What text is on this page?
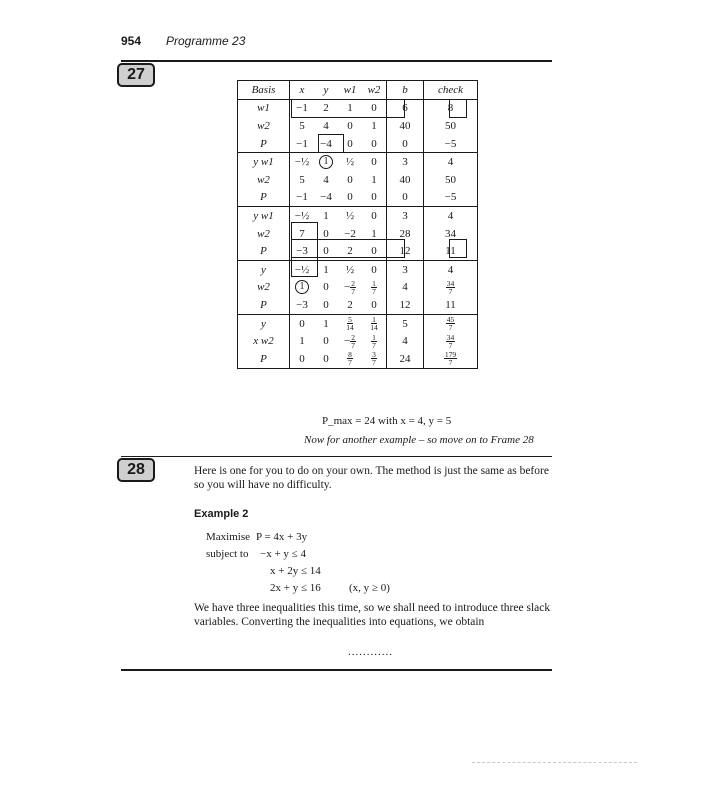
954 Programme 23
27
Basis	x	y	w1	w2	b	check
w1	−1	2	1	0	6	8
w2	5	4	0	1	40	50
P	−1	−4	0	0	0	−5
y w1	−½	1	½	0	3	4
w2	5	4	0	1	40	50
P	−1	−4	0	0	0	−5
y w1	−½	1	½	0	3	4
w2	7	0	−2	1	28	34
P	−3	0	2	0	12	11
y	−½	1	½	0	3	4
w2	1	0	− $\frac{2}{7}$	$\frac{1}{7}$	4	$\frac{34}{7}$

P	−3	0	2	0	12	11
y	0	1	$\frac{5}{14}$	$\frac{1}{14}$	5	$\frac{45}{7}$

x w2	1	0	− $\frac{2}{7}$	$\frac{1}{7}$	4	$\frac{34}{7}$

P	0	0	$\frac{8}{7}$	$\frac{3}{7}$	24	$\frac{179}{7}$
P_max = 24 with x = 4, y = 5
Now for another example – so move on to Frame 28
28	Here is one for you to do on your own. The method is just the same as before so you will have no difficulty.
Example 2
Maximise P = 4x + 3y
subject to −x + y ≤ 4
x + 2y ≤ 14
2x + y ≤ 16	(x, y ≥ 0)
We have three inequalities this time, so we shall need to introduce three slack variables. Converting the inequalities into equations, we obtain
............
